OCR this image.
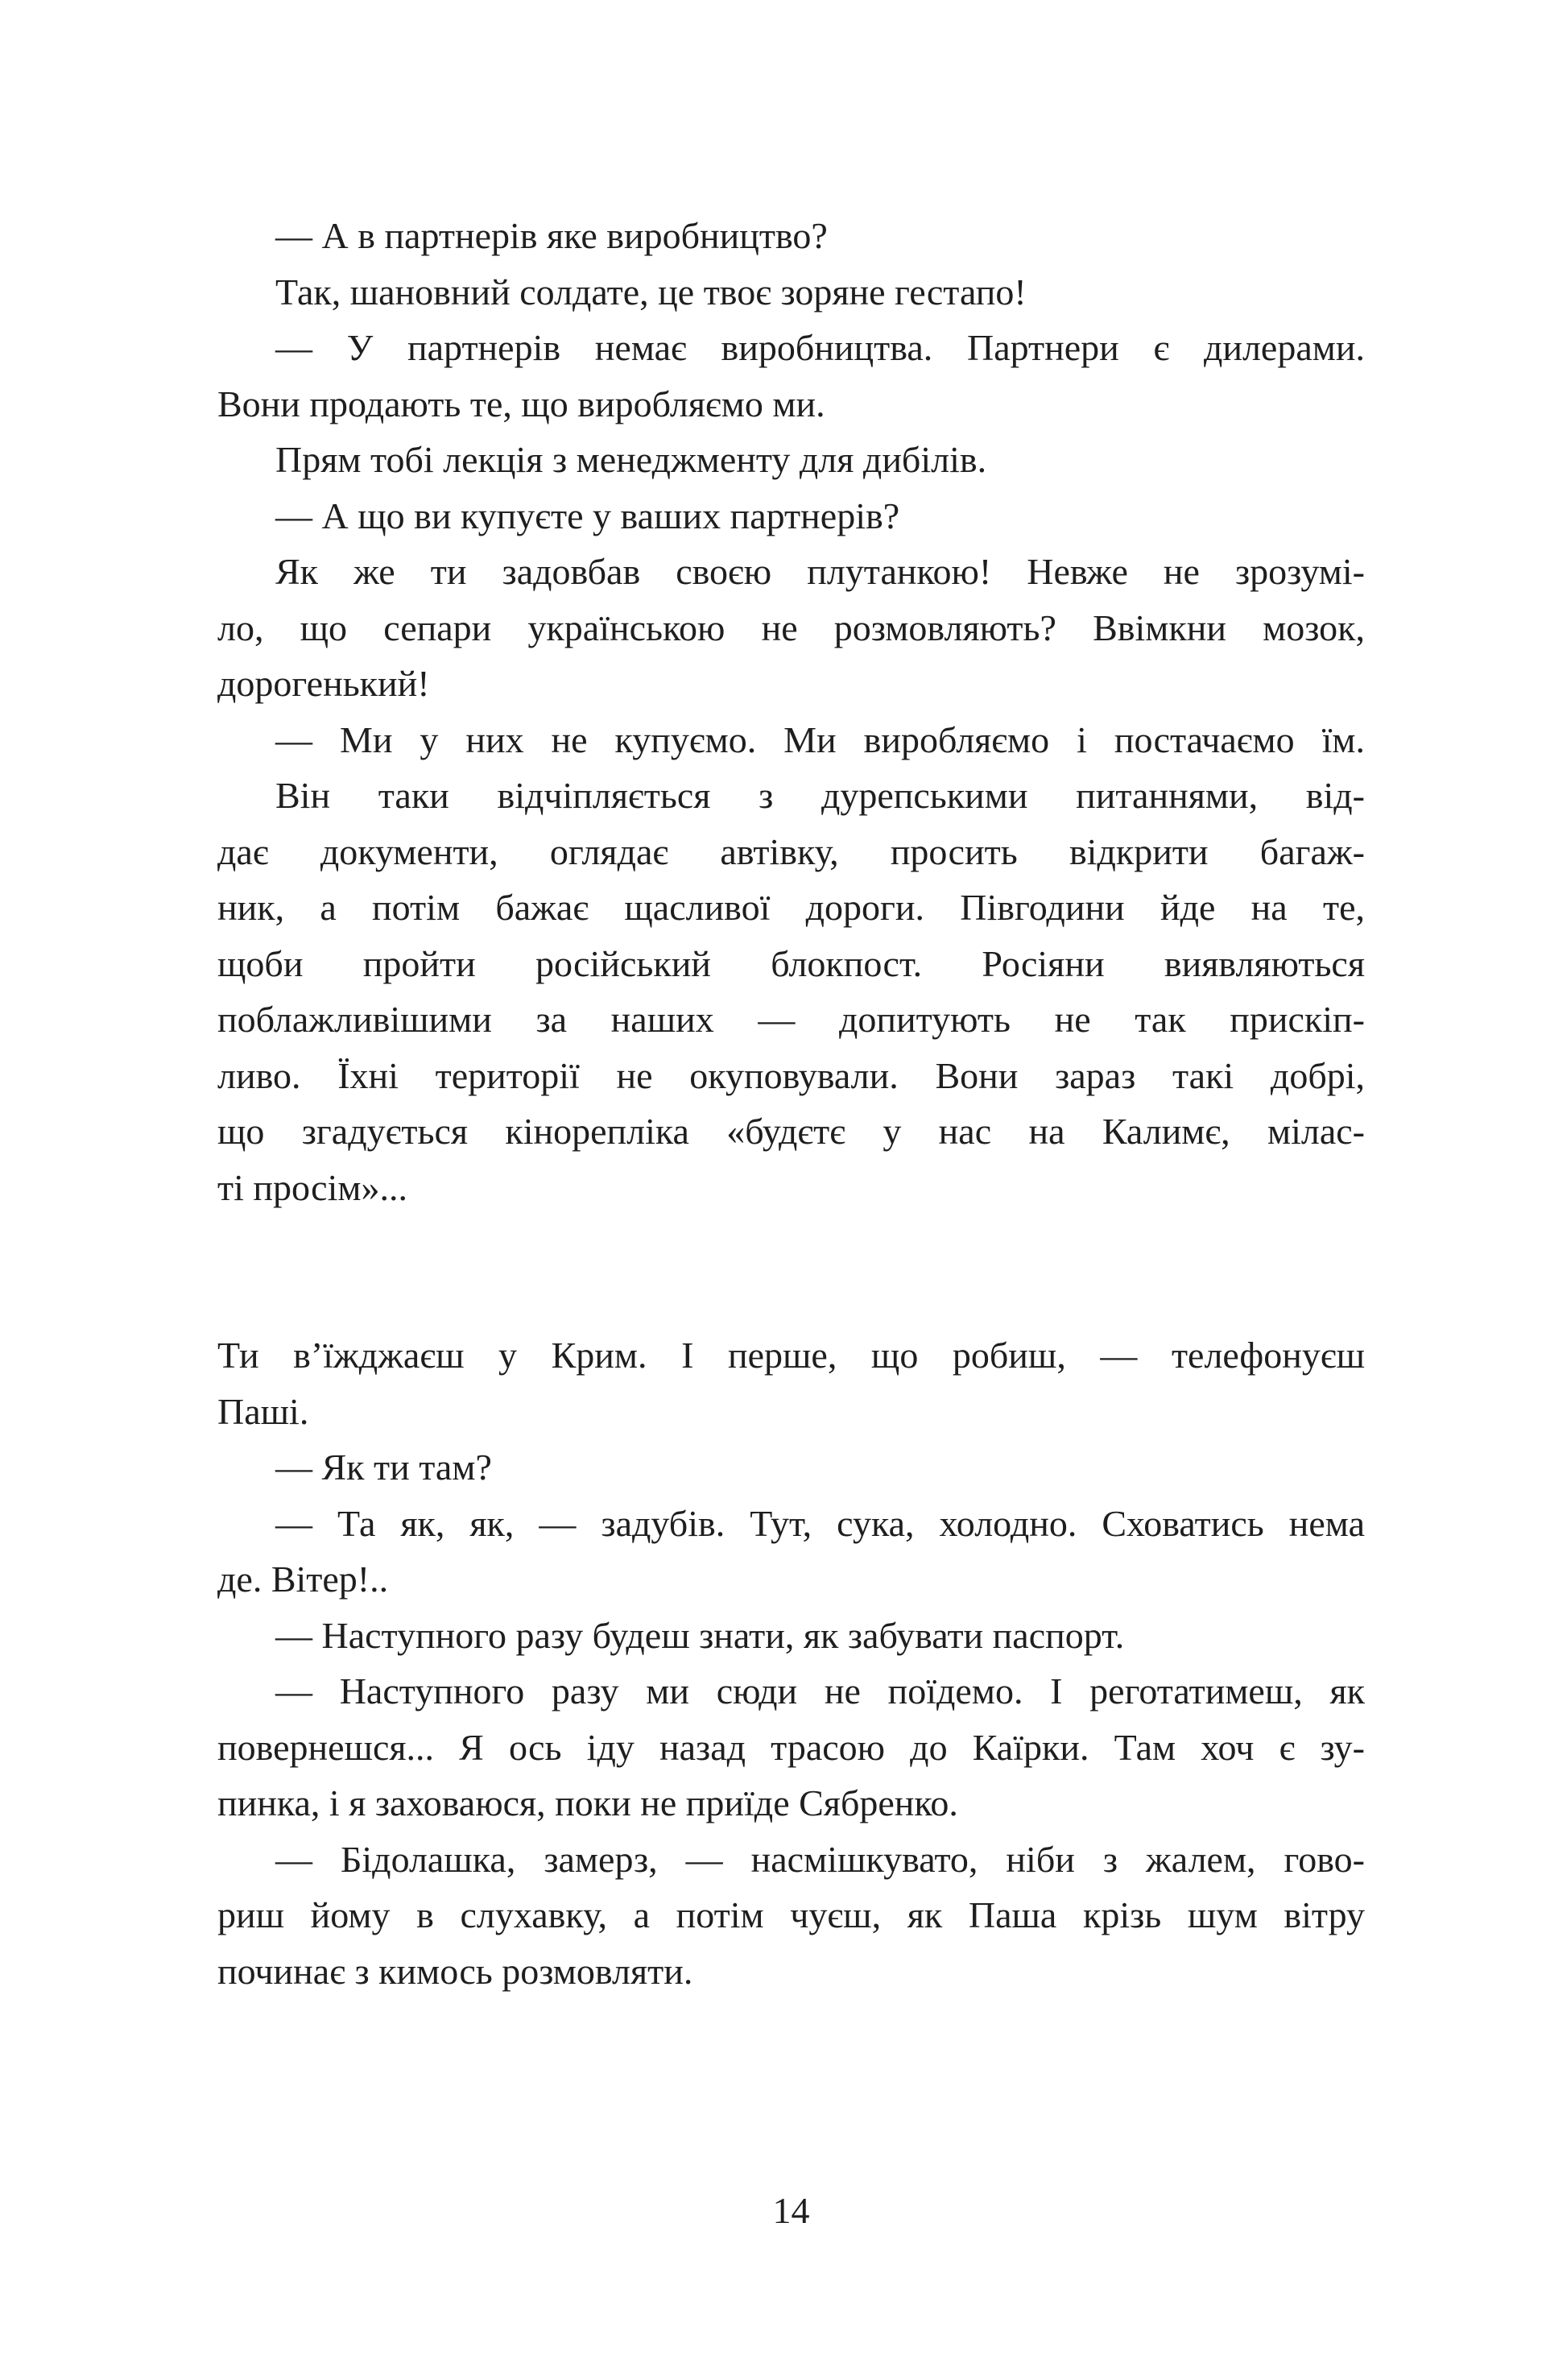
— А в партнерів яке виробництво?

Так, шановний солдате, це твоє зоряне гестапо!

— У партнерів немає виробництва. Партнери є дилерами.
Вони продають те, що виробляємо ми.

Прям тобі лекція з менеджменту для дибілів.

— А що ви купуєте у ваших партнерів?

Як же ти задовбав своєю плутанкою! Невже не зрозумі-
ло, що сепари українською не розмовляють? Ввімкни мозок,
дорогенький!

— Ми у них не купуємо. Ми виробляємо і постачаємо їм.

Він таки відчіпляється з дурепськими питаннями, від-
дає документи, оглядає автівку, просить відкрити багаж-
ник, а потім бажає щасливої дороги. Півгодини йде на те,
щоби пройти російський блокпост. Росіяни виявляються
поблажливішими за наших — допитують не так прискіп-
ливо. Їхні території не окуповували. Вони зараз такі добрі,
що згадується кінорепліка «будєтє у нас на Калимє, мілас-
ті просім»...

Ти в’їжджаєш у Крим. І перше, що робиш, — телефонуєш
Паші.

— Як ти там?

— Та як, як, — задубів. Тут, сука, холодно. Сховатись нема
де. Вітер!..

— Наступного разу будеш знати, як забувати паспорт.

— Наступного разу ми сюди не поїдемо. І реготатимеш, як
повернешся... Я ось іду назад трасою до Каїрки. Там хоч є зу-
пинка, і я заховаюся, поки не приїде Сябренко.

— Бідолашка, замерз, — насмішкувато, ніби з жалем, гово-
риш йому в слухавку, а потім чуєш, як Паша крізь шум вітру
починає з кимось розмовляти.

14
